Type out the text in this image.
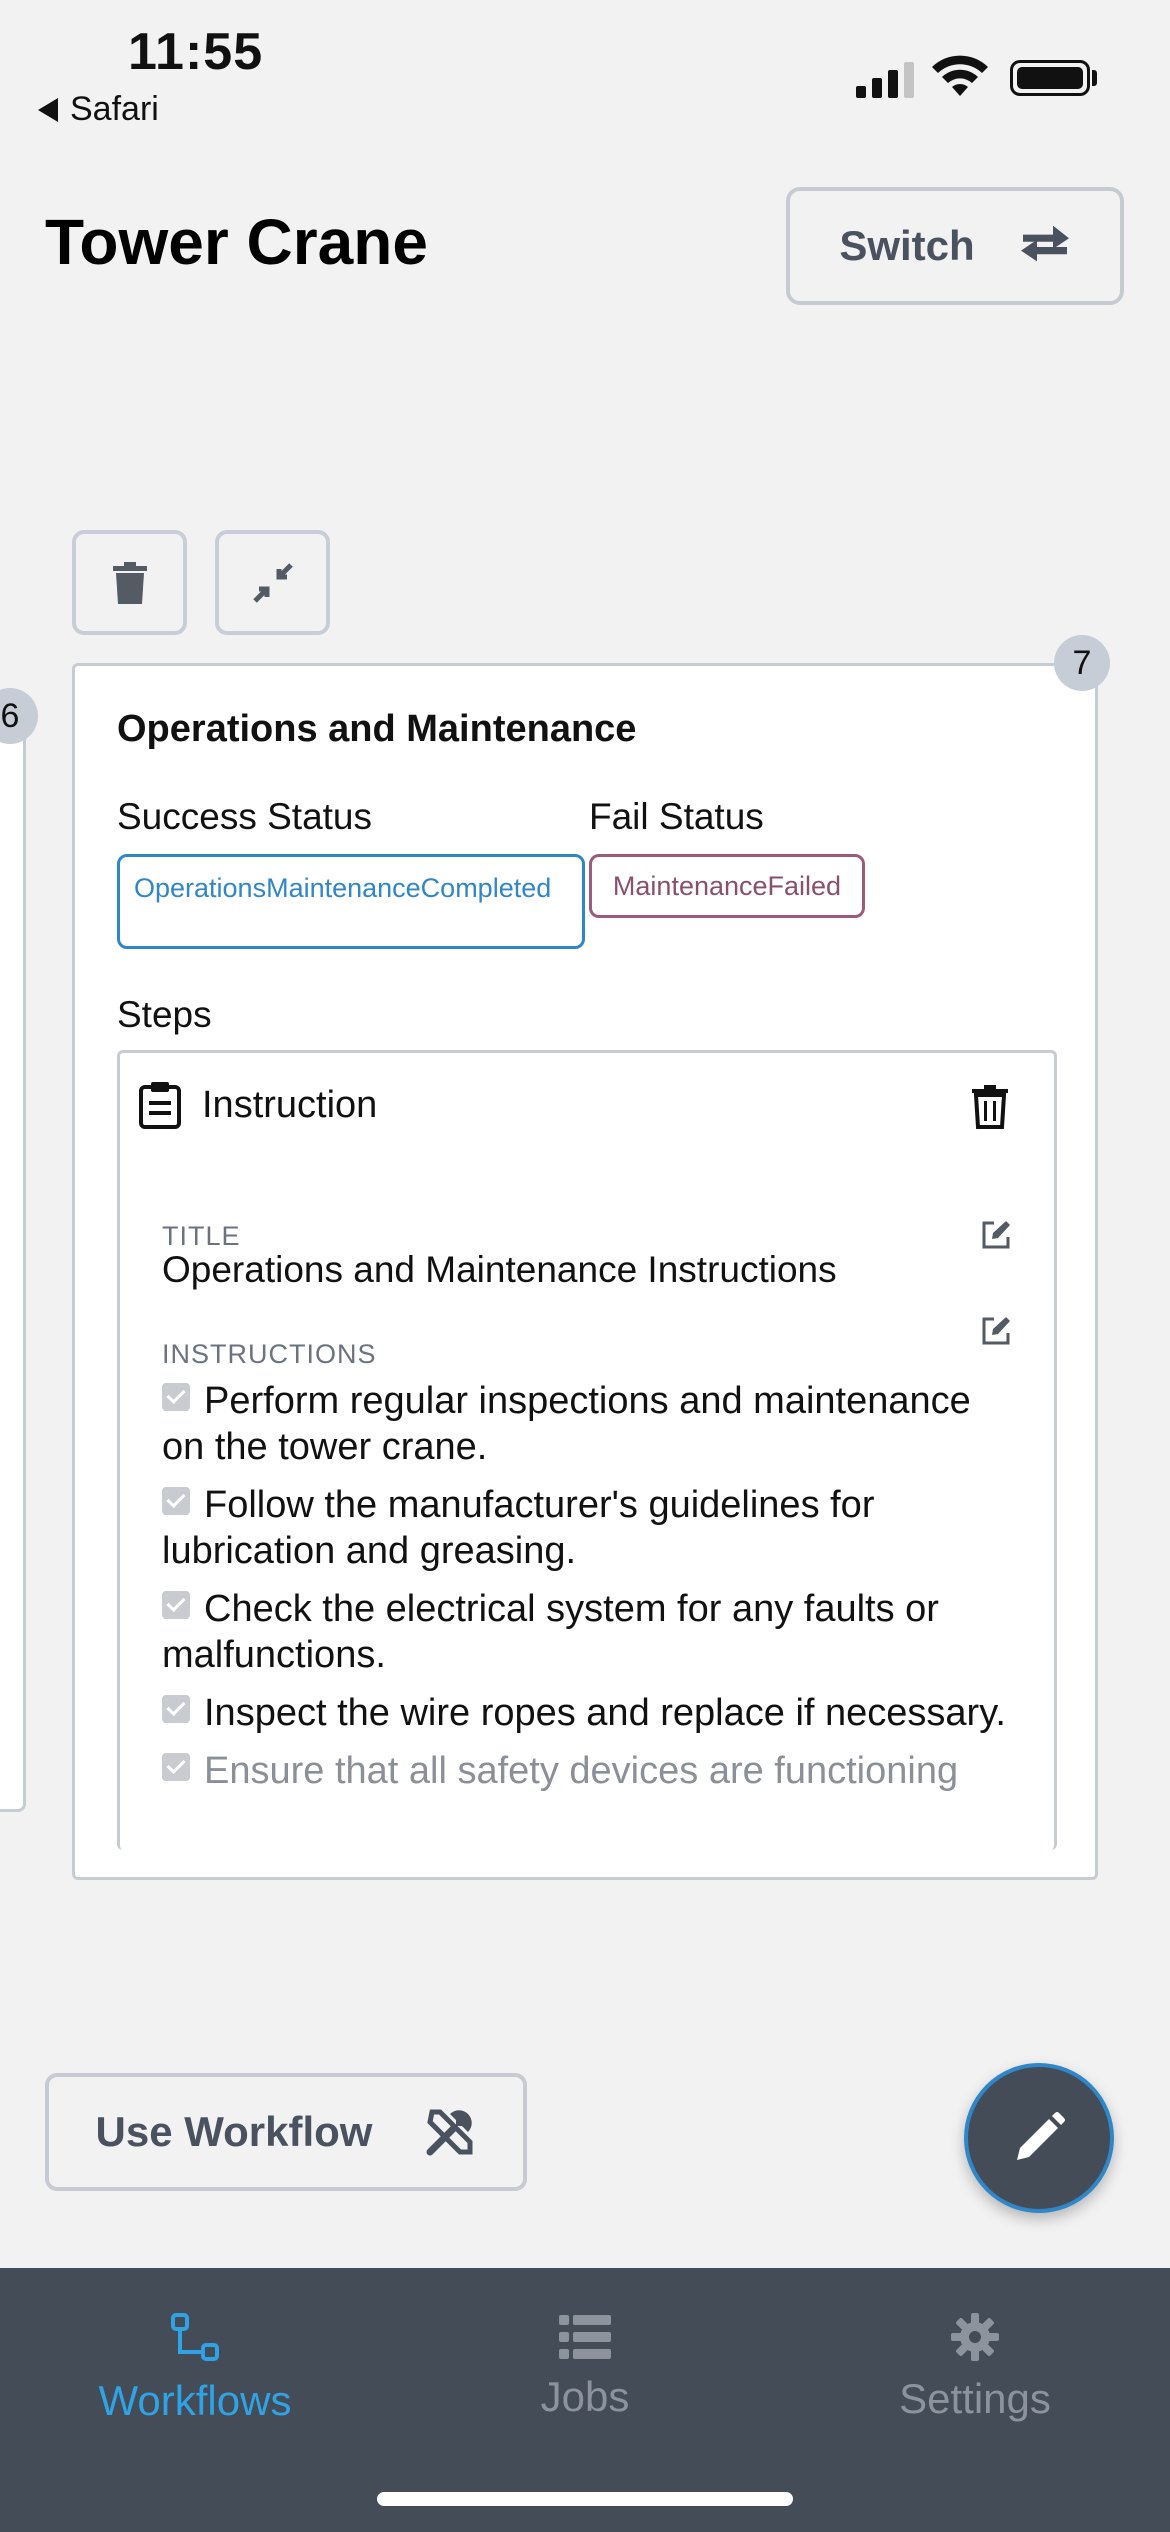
11:55
Safari
Tower Crane	Switch
6	Operations and Maintenance
Success Status	Fail Status
OperationsMaintenanceCompleted	MaintenanceFailed
Steps
Instruction
TITLE
Operations and Maintenance Instructions
INSTRUCTIONS
Perform regular inspections and maintenance on the tower crane.
Follow the manufacturer's guidelines for lubrication and greasing.
Check the electrical system for any faults or malfunctions.
Inspect the wire ropes and replace if necessary.
Ensure that all safety devices are functioning
7
Use Workflow
Workflows	Jobs	Settings
